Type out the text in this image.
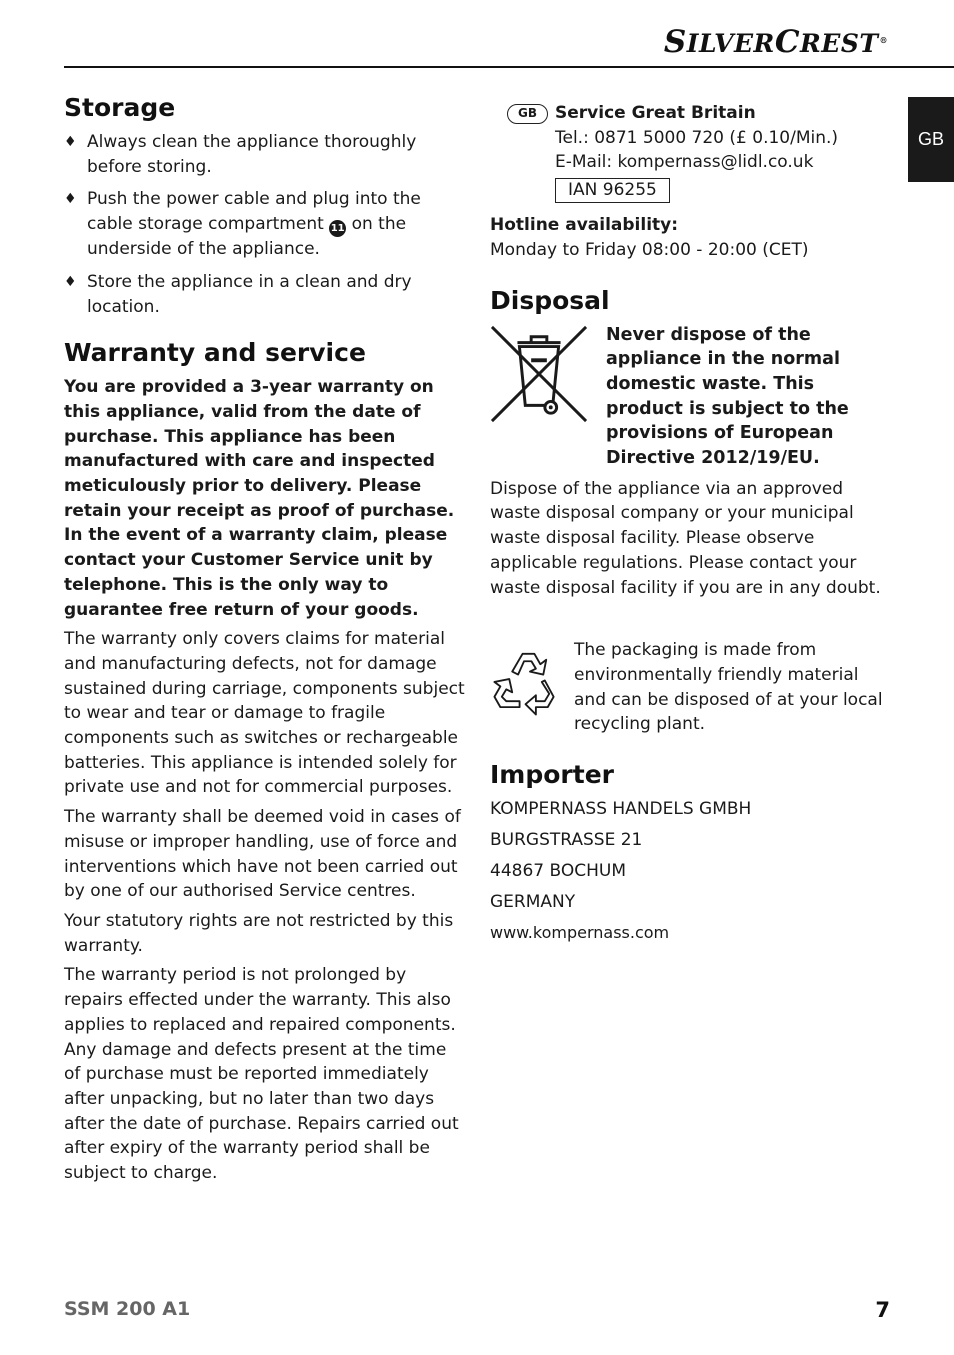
SILVERCREST®
GB
Storage
♦ Always clean the appliance thoroughly before storing.
♦ Push the power cable and plug into the cable storage compartment 11 on the underside of the appliance.
♦ Store the appliance in a clean and dry location.
Warranty and service

You are provided a 3-year warranty on this appliance, valid from the date of purchase. This appliance has been manufactured with care and inspected meticulously prior to delivery. Please retain your receipt as proof of purchase. In the event of a warranty claim, please contact your Customer Service unit by telephone. This is the only way to guarantee free return of your goods.

The warranty only covers claims for material and manufacturing defects, not for damage sustained during carriage, components subject to wear and tear or damage to fragile components such as switches or rechargeable batteries. This appliance is intended solely for private use and not for commercial purposes.

The warranty shall be deemed void in cases of misuse or improper handling, use of force and interventions which have not been carried out by one of our authorised Service centres.

Your statutory rights are not restricted by this warranty.

The warranty period is not prolonged by repairs effected under the warranty. This also applies to replaced and repaired components. Any damage and defects present at the time of purchase must be reported immediately after unpacking, but no later than two days after the date of purchase. Repairs carried out after expiry of the warranty period shall be subject to charge.

GB	Service Great Britain
Tel.: 0871 5000 720 (£ 0.10/Min.)
E-Mail: kompernass@lidl.co.uk
IAN 96255
Hotline availability:
Monday to Friday 08:00 - 20:00 (CET)
Disposal
Never dispose of the appliance in the normal domestic waste. This product is subject to the provisions of European Directive 2012/19/EU.

Dispose of the appliance via an approved waste disposal company or your municipal waste disposal facility. Please observe applicable regulations. Please contact your waste disposal facility if you are in any doubt.

The packaging is made from environmentally friendly material and can be disposed of at your local recycling plant.
Importer
KOMPERNASS HANDELS GMBH
BURGSTRASSE 21
44867 BOCHUM
GERMANY
www.kompernass.com
SSM 200 A1	7
